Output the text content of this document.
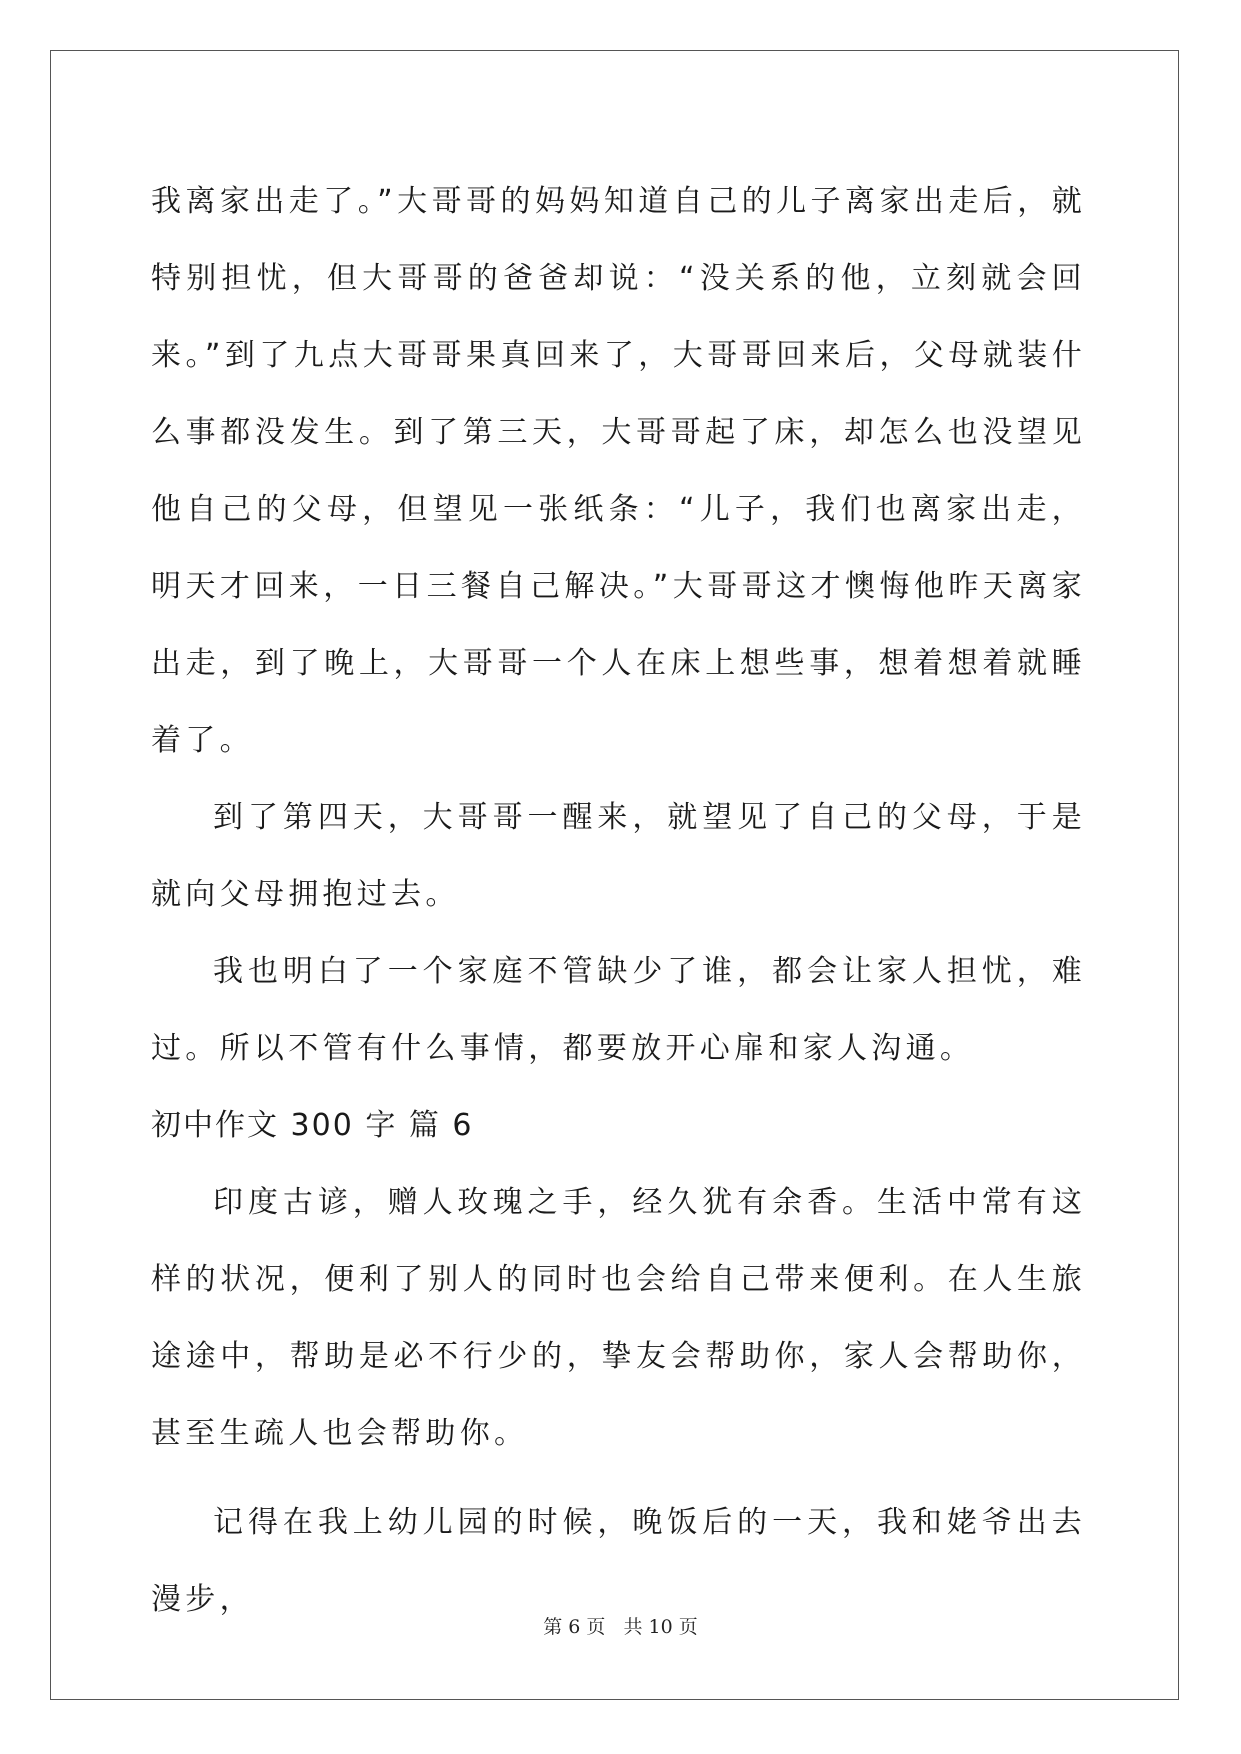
我离家出走了。”大哥哥的妈妈知道自己的儿子离家出走后，就特别担忧，但大哥哥的爸爸却说：“没关系的他，立刻就会回来。”到了九点大哥哥果真回来了，大哥哥回来后，父母就装什么事都没发生。到了第三天，大哥哥起了床，却怎么也没望见他自己的父母，但望见一张纸条：“儿子，我们也离家出走，明天才回来，一日三餐自己解决。”大哥哥这才懊悔他昨天离家出走，到了晚上，大哥哥一个人在床上想些事，想着想着就睡着了。

到了第四天，大哥哥一醒来，就望见了自己的父母，于是就向父母拥抱过去。

我也明白了一个家庭不管缺少了谁，都会让家人担忧，难过。所以不管有什么事情，都要放开心扉和家人沟通。

初中作文 300 字 篇 6

印度古谚，赠人玫瑰之手，经久犹有余香。生活中常有这样的状况，便利了别人的同时也会给自己带来便利。在人生旅途途中，帮助是必不行少的，挚友会帮助你，家人会帮助你，甚至生疏人也会帮助你。

记得在我上幼儿园的时候，晚饭后的一天，我和姥爷出去漫步，

第 6 页 共 10 页
